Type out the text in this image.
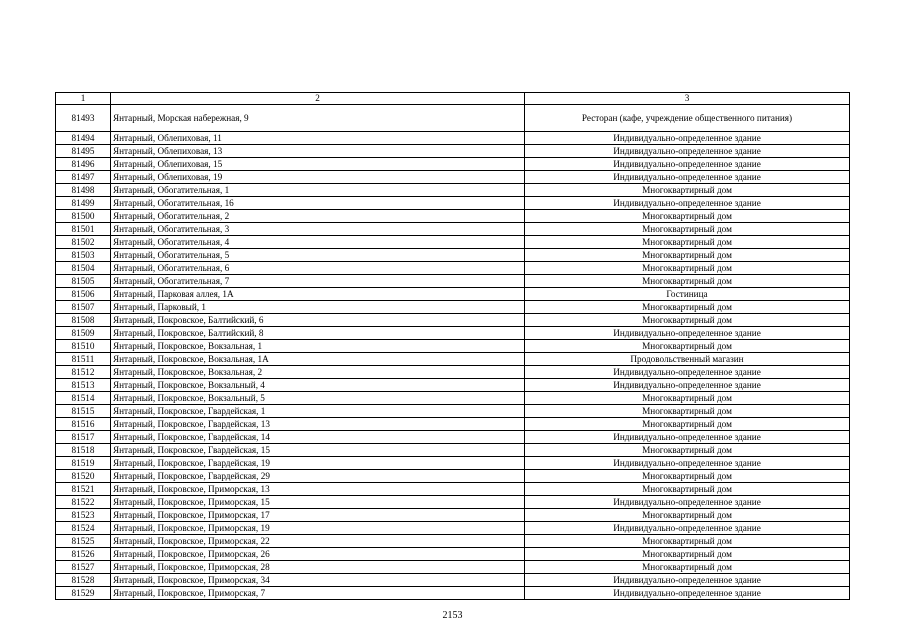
1	2	3
81493	Янтарный, Морская набережная, 9	Ресторан (кафе, учреждение общественного питания)
81494	Янтарный, Облепиховая, 11	Индивидуально-определенное здание
81495	Янтарный, Облепиховая, 13	Индивидуально-определенное здание
81496	Янтарный, Облепиховая, 15	Индивидуально-определенное здание
81497	Янтарный, Облепиховая, 19	Индивидуально-определенное здание
81498	Янтарный, Обогатительная, 1	Многоквартирный дом
81499	Янтарный, Обогатительная, 16	Индивидуально-определенное здание
81500	Янтарный, Обогатительная, 2	Многоквартирный дом
81501	Янтарный, Обогатительная, 3	Многоквартирный дом
81502	Янтарный, Обогатительная, 4	Многоквартирный дом
81503	Янтарный, Обогатительная, 5	Многоквартирный дом
81504	Янтарный, Обогатительная, 6	Многоквартирный дом
81505	Янтарный, Обогатительная, 7	Многоквартирный дом
81506	Янтарный, Парковая аллея, 1А	Гостиница
81507	Янтарный, Парковый, 1	Многоквартирный дом
81508	Янтарный, Покровское, Балтийский, 6	Многоквартирный дом
81509	Янтарный, Покровское, Балтийский, 8	Индивидуально-определенное здание
81510	Янтарный, Покровское, Вокзальная, 1	Многоквартирный дом
81511	Янтарный, Покровское, Вокзальная, 1А	Продовольственный магазин
81512	Янтарный, Покровское, Вокзальная, 2	Индивидуально-определенное здание
81513	Янтарный, Покровское, Вокзальный, 4	Индивидуально-определенное здание
81514	Янтарный, Покровское, Вокзальный, 5	Многоквартирный дом
81515	Янтарный, Покровское, Гвардейская, 1	Многоквартирный дом
81516	Янтарный, Покровское, Гвардейская, 13	Многоквартирный дом
81517	Янтарный, Покровское, Гвардейская, 14	Индивидуально-определенное здание
81518	Янтарный, Покровское, Гвардейская, 15	Многоквартирный дом
81519	Янтарный, Покровское, Гвардейская, 19	Индивидуально-определенное здание
81520	Янтарный, Покровское, Гвардейская, 29	Многоквартирный дом
81521	Янтарный, Покровское, Приморская, 13	Многоквартирный дом
81522	Янтарный, Покровское, Приморская, 15	Индивидуально-определенное здание
81523	Янтарный, Покровское, Приморская, 17	Многоквартирный дом
81524	Янтарный, Покровское, Приморская, 19	Индивидуально-определенное здание
81525	Янтарный, Покровское, Приморская, 22	Многоквартирный дом
81526	Янтарный, Покровское, Приморская, 26	Многоквартирный дом
81527	Янтарный, Покровское, Приморская, 28	Многоквартирный дом
81528	Янтарный, Покровское, Приморская, 34	Индивидуально-определенное здание
81529	Янтарный, Покровское, Приморская, 7	Индивидуально-определенное здание
2153
